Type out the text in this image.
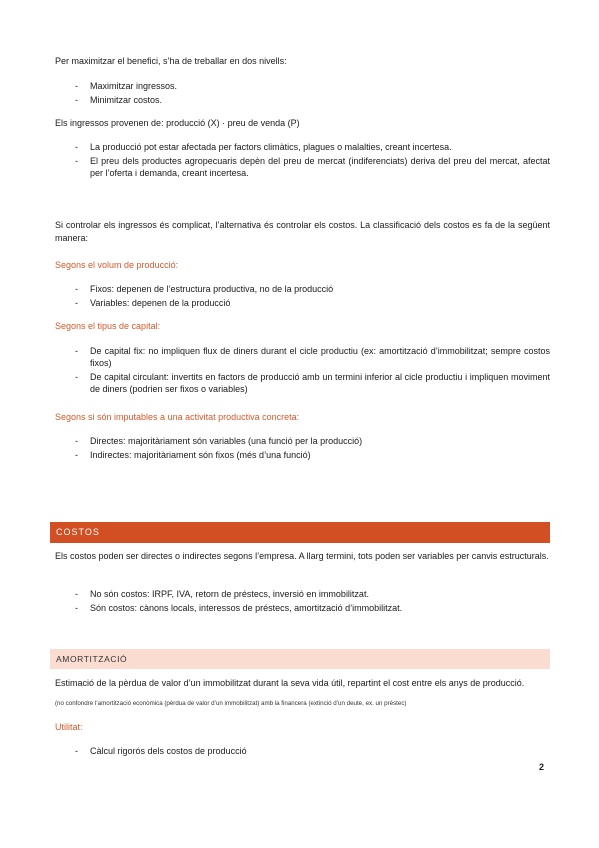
Per maximitzar el benefici, s’ha de treballar en dos nivells:

- Maximitzar ingressos.
- Minimitzar costos.

Els ingressos provenen de: producció (X) · preu de venda (P)

- La producció pot estar afectada per factors climàtics, plagues o malalties, creant incertesa.
- El preu dels productes agropecuaris depèn del preu de mercat (indiferenciats) deriva del preu del mercat, afectat per l’oferta i demanda, creant incertesa.

Si controlar els ingressos és complicat, l’alternativa és controlar els costos. La classificació dels costos es fa de la següent manera:

Segons el volum de producció:

- Fixos: depenen de l’estructura productiva, no de la producció
- Variables: depenen de la producció

Segons el tipus de capital:

- De capital fix: no impliquen flux de diners durant el cicle productiu (ex: amortització d’immobilitzat; sempre costos fixos)
- De capital circulant: invertits en factors de producció amb un termini inferior al cicle productiu i impliquen moviment de diners (podrien ser fixos o variables)

Segons si són imputables a una activitat productiva concreta:

- Directes: majoritàriament són variables (una funció per la producció)
- Indirectes: majoritàriament són fixos (més d’una funció)
COSTOS

Els costos poden ser directes o indirectes segons l’empresa. A llarg termini, tots poden ser variables per canvis estructurals.

- No són costos: IRPF, IVA, retorn de préstecs, inversió en immobilitzat.
- Són costos: cànons locals, interessos de préstecs, amortització d’immobilitzat.
AMORTITZACIÓ

Estimació de la pèrdua de valor d’un immobilitzat durant la seva vida útil, repartint el cost entre els anys de producció.

(no confondre l’amortització econòmica (pèrdua de valor d’un immobilitzat) amb la financera (extinció d’un deute, ex. un préstec)

Utilitat:

- Càlcul rigorós dels costos de producció
2
